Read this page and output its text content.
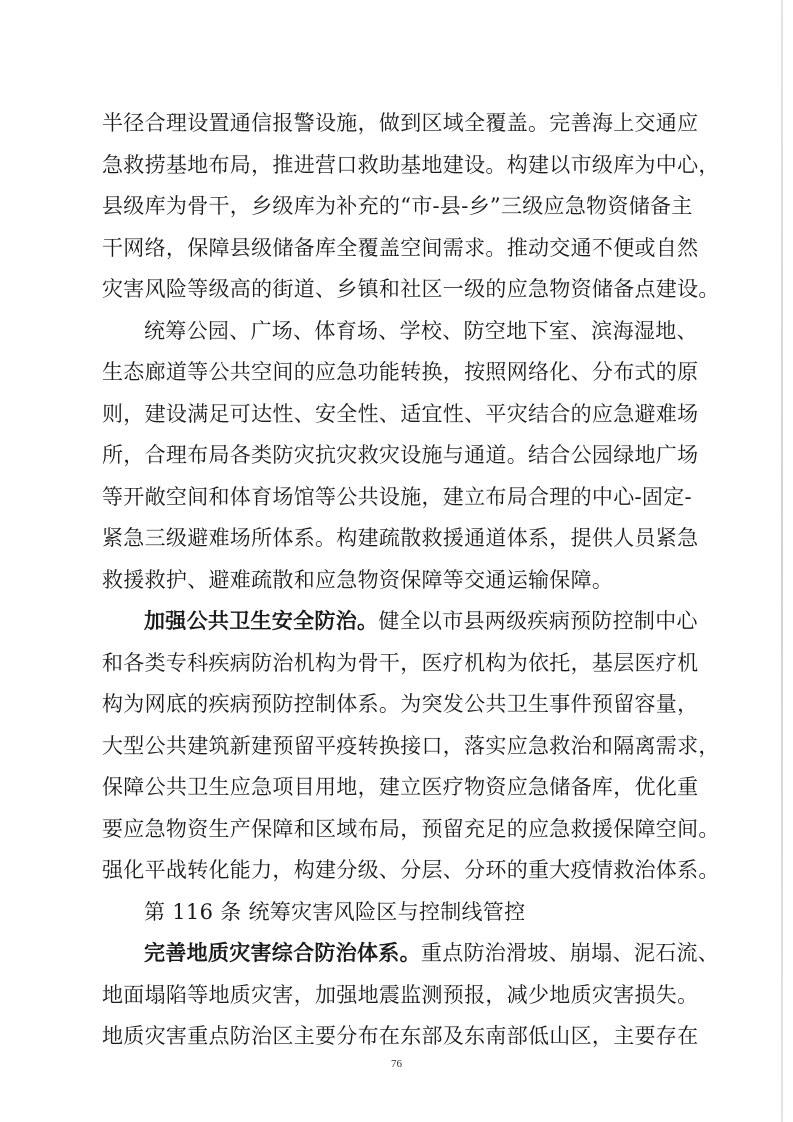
半径合理设置通信报警设施，做到区域全覆盖。完善海上交通应
急救捞基地布局，推进营口救助基地建设。构建以市级库为中心，
县级库为骨干，乡级库为补充的“市-县-乡”三级应急物资储备主
干网络，保障县级储备库全覆盖空间需求。推动交通不便或自然
灾害风险等级高的街道、乡镇和社区一级的应急物资储备点建设。
统筹公园、广场、体育场、学校、防空地下室、滨海湿地、
生态廊道等公共空间的应急功能转换，按照网络化、分布式的原
则，建设满足可达性、安全性、适宜性、平灾结合的应急避难场
所，合理布局各类防灾抗灾救灾设施与通道。结合公园绿地广场
等开敞空间和体育场馆等公共设施，建立布局合理的中心-固定-
紧急三级避难场所体系。构建疏散救援通道体系，提供人员紧急
救援救护、避难疏散和应急物资保障等交通运输保障。
加强公共卫生安全防治。健全以市县两级疾病预防控制中心
和各类专科疾病防治机构为骨干，医疗机构为依托，基层医疗机
构为网底的疾病预防控制体系。为突发公共卫生事件预留容量，
大型公共建筑新建预留平疫转换接口，落实应急救治和隔离需求，
保障公共卫生应急项目用地，建立医疗物资应急储备库，优化重
要应急物资生产保障和区域布局，预留充足的应急救援保障空间。
强化平战转化能力，构建分级、分层、分环的重大疫情救治体系。
第 116 条 统筹灾害风险区与控制线管控
完善地质灾害综合防治体系。重点防治滑坡、崩塌、泥石流、
地面塌陷等地质灾害，加强地震监测预报，减少地质灾害损失。
地质灾害重点防治区主要分布在东部及东南部低山区，主要存在
76
